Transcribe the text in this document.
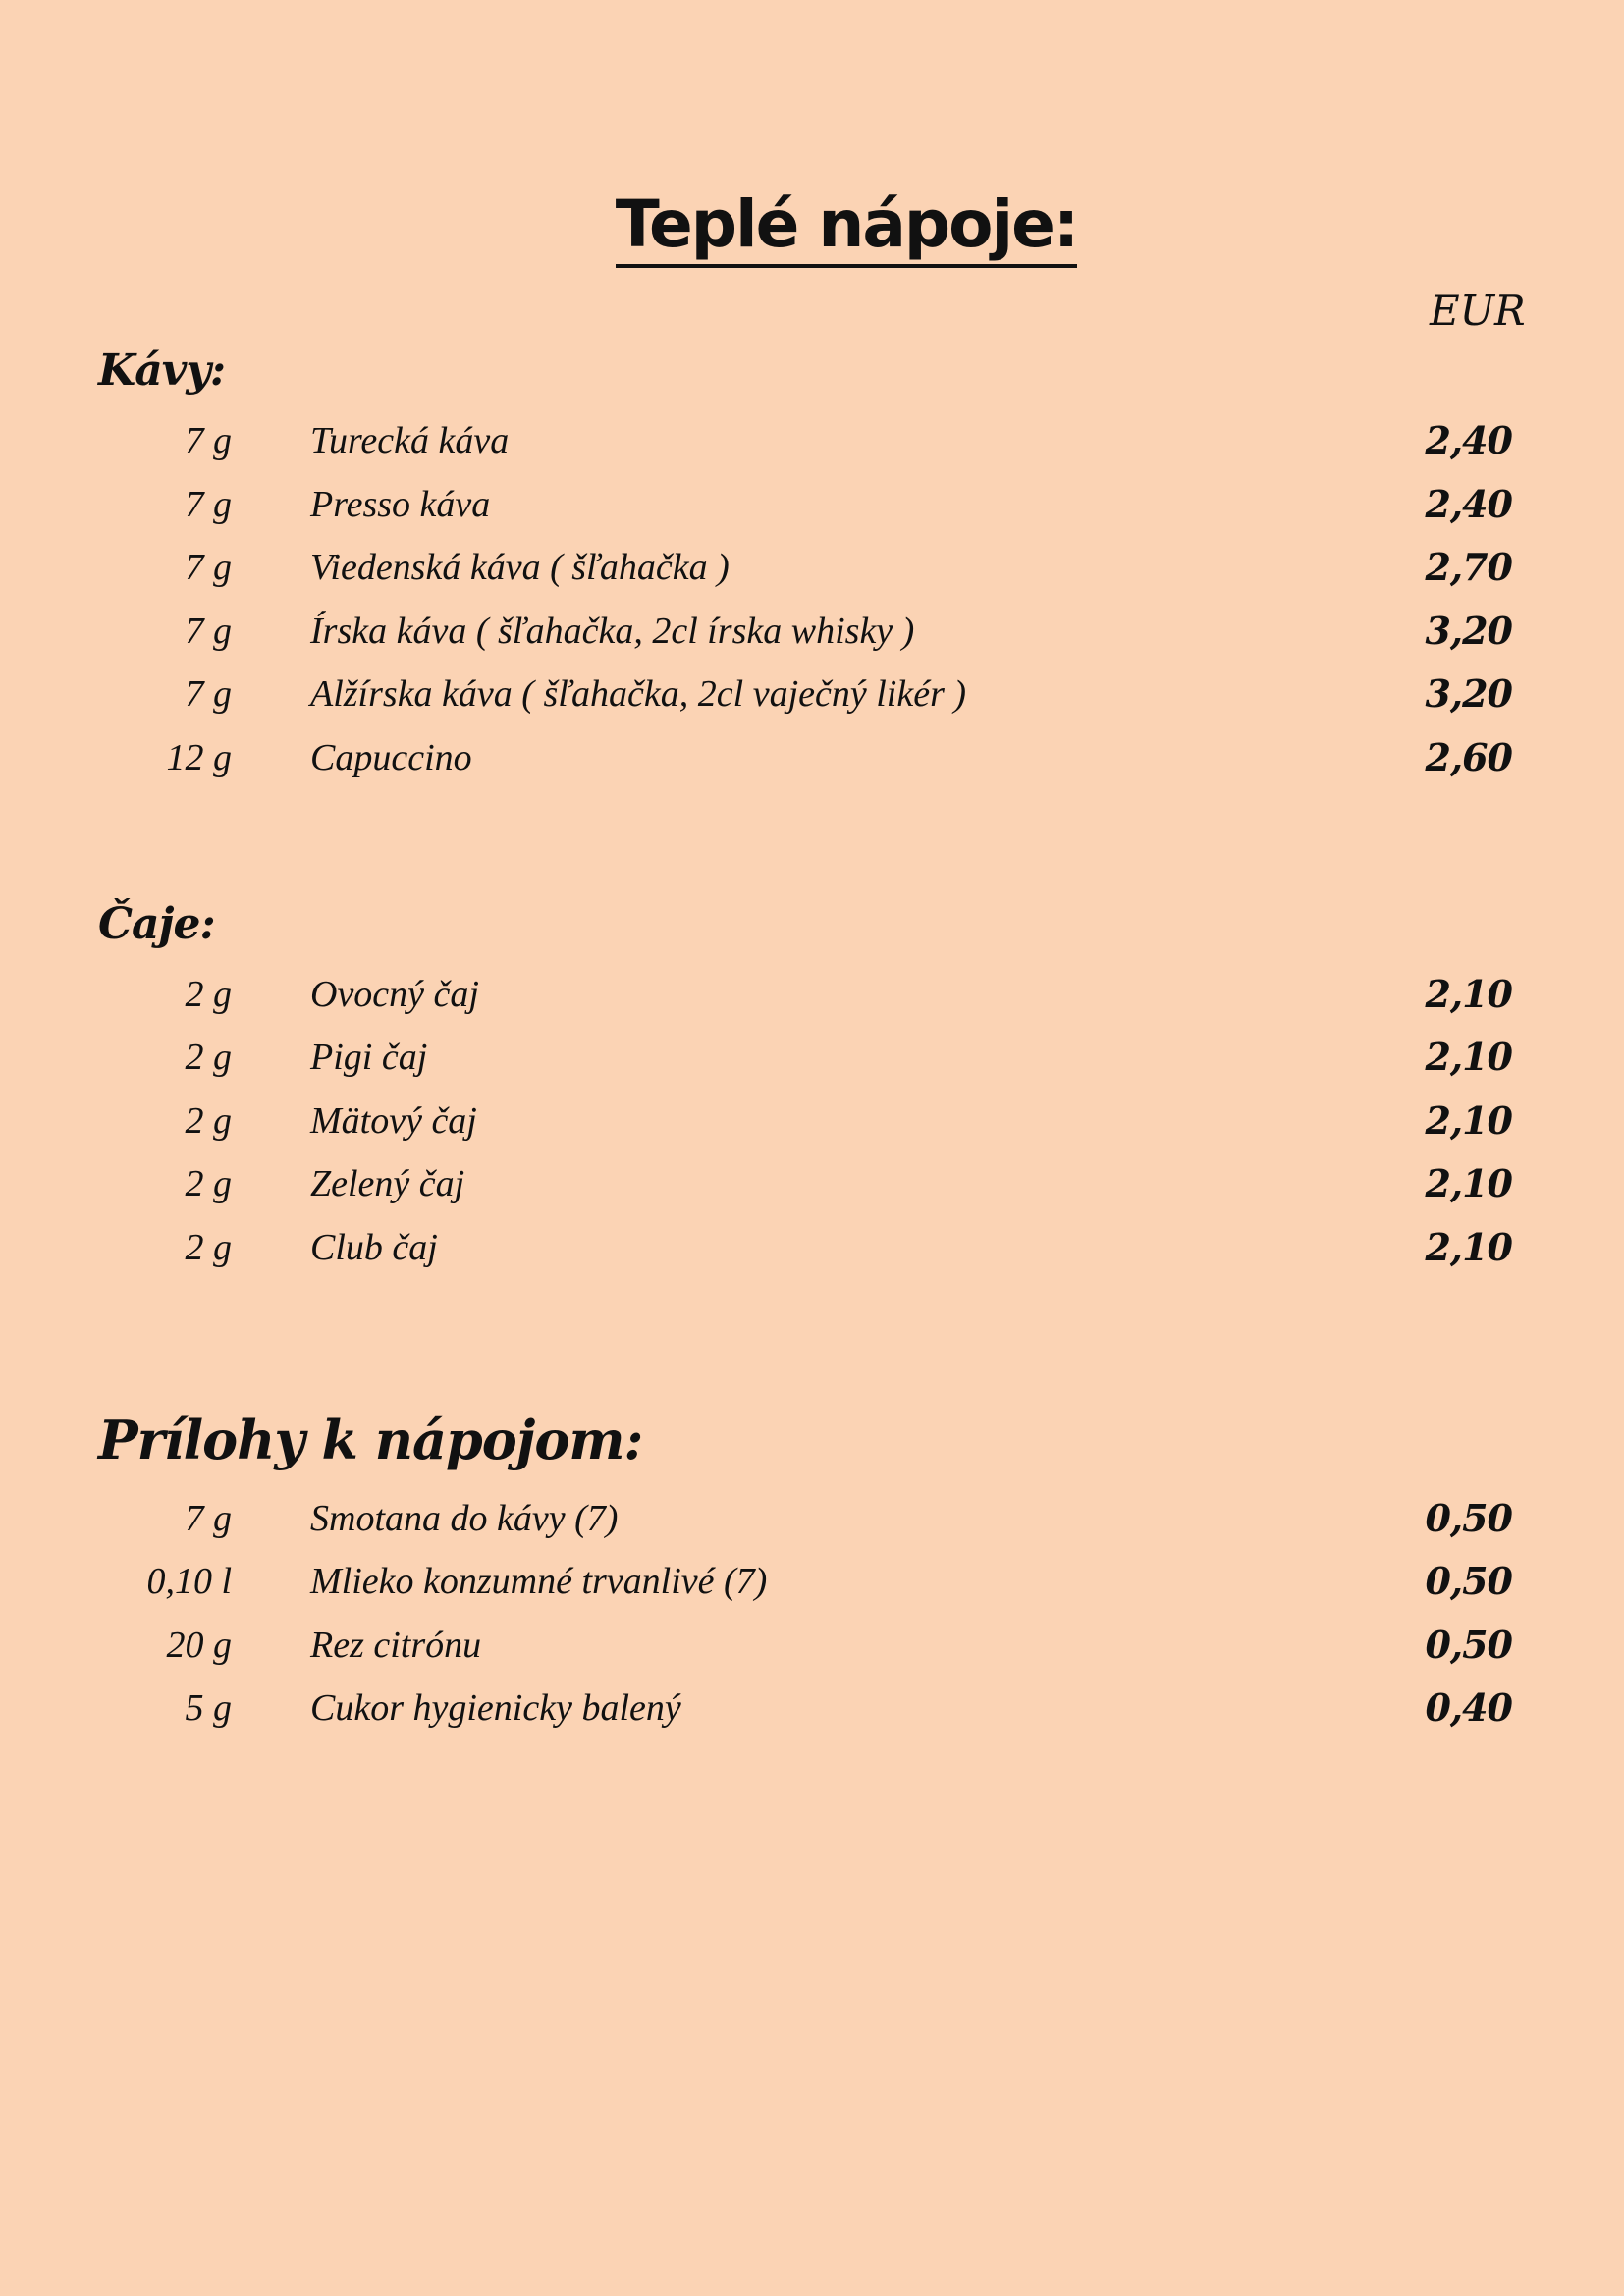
Teplé nápoje:
EUR
Kávy:
7 g Turecká káva	2,40
7 g Presso káva	2,40
7 g Viedenská káva ( šľahačka )	2,70
7 g Írska káva ( šľahačka, 2cl írska whisky )	3,20
7 g Alžírska káva ( šľahačka, 2cl vaječný likér )	3,20
12 g Capuccino	2,60
Čaje:
2 g Ovocný čaj	2,10
2 g Pigi čaj	2,10
2 g Mätový čaj	2,10
2 g Zelený čaj	2,10
2 g Club čaj	2,10
Prílohy k nápojom:
7 g Smotana do kávy (7)	0,50
0,10 l Mlieko konzumné trvanlivé (7)	0,50
20 g Rez citrónu	0,50
5 g Cukor hygienicky balený	0,40
